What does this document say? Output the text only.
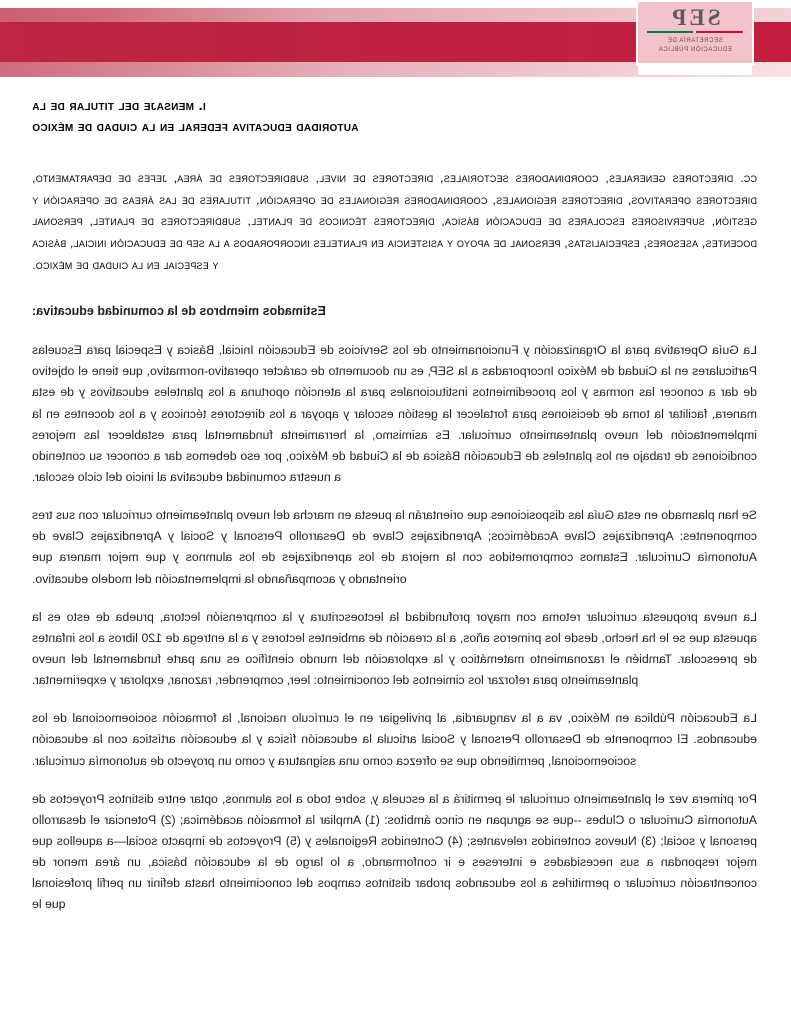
SEP
SECRETARÍA DE
EDUCACIÓN PÚBLICA
i. mensaje del titular de la
autoridad educativa federal en la ciudad de méxico

cc. directores generales, coordinadores sectoriales, directores de nivel, subdirectores de área, jefes de departamento, directores operativos, directores regionales, coordinadores regionales de operación, titulares de las áreas de operación y gestión, supervisores escolares de educación básica, directores técnicos de plantel, subdirectores de plantel, personal docentes, asesores, especialistas, personal de apoyo y asistencia en planteles incorporados a la sep de educación inicial, básica y especial en la ciudad de méxico.

Estimados miembros de la comunidad educativa:

La Guía Operativa para la Organización y Funcionamiento de los Servicios de Educación Inicial, Básica y Especial para Escuelas Particulares en la Ciudad de México Incorporadas a la SEP, es un documento de carácter operativo-normativo, que tiene el objetivo de dar a conocer las normas y los procedimientos institucionales para la atención oportuna a los planteles educativos y de esta manera, facilitar la toma de decisiones para fortalecer la gestión escolar y apoyar a los directores técnicos y a los docentes en la implementación del nuevo planteamiento curricular. Es asimismo, la herramienta fundamental para establecer las mejores condiciones de trabajo en los planteles de Educación Básica de la Ciudad de México, por eso debemos dar a conocer su contenido a nuestra comunidad educativa al inicio del ciclo escolar.

Se han plasmado en esta Guía las disposiciones que orientarán la puesta en marcha del nuevo planteamiento curricular con sus tres componentes: Aprendizajes Clave Académicos; Aprendizajes Clave de Desarrollo Personal y Social y Aprendizajes Clave de Autonomía Curricular. Estamos comprometidos con la mejora de los aprendizajes de los alumnos y que mejor manera que orientando y acompañando la implementación del modelo educativo.

La nueva propuesta curricular retoma con mayor profundidad la lectoescritura y la comprensión lectora, prueba de esto es la apuesta que se le ha hecho, desde los primeros años, a la creación de ambientes lectores y a la entrega de 120 libros a los infantes de preescolar. También el razonamiento matemático y la exploración del mundo científico es una parte fundamental del nuevo planteamiento para reforzar los cimientos del conocimiento: leer, comprender, razonar, explorar y experimentar.

La Educación Pública en México, va a la vanguardia, al privilegiar en el currículo nacional, la formación socioemocional de los educandos. El componente de Desarrollo Personal y Social articula la educación física y la educación artística con la educación socioemocional, permitiendo que se ofrezca como una asignatura y como un proyecto de autonomía curricular.

Por primera vez el planteamiento curricular le permitirá a la escuela y, sobre todo a los alumnos, optar entre distintos Proyectos de Autonomía Curricular o Clubes --que se agrupan en cinco ámbitos: (1) Ampliar la formación académica; (2) Potenciar el desarrollo personal y social; (3) Nuevos contenidos relevantes; (4) Contenidos Regionales y (5) Proyectos de impacto social—a aquellos que mejor respondan a sus necesidades e intereses e ir conformando, a lo largo de la educación básica, un área menor de concentración curricular o permitirles a los educandos probar distintos campos del conocimiento hasta definir un perfil profesional que le
